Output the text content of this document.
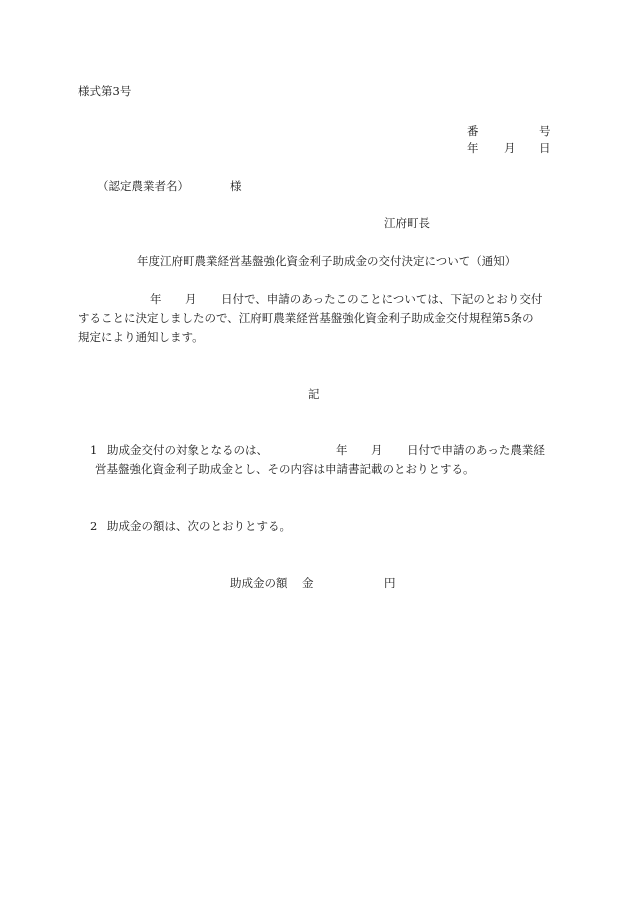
様式第3号
番	号
年 月 日
（認定農業者名）	様
江府町長
年度江府町農業経営基盤強化資金利子助成金の交付決定について（通知）
年 月 日付で、申請のあったこのことについては、下記のとおり交付
することに決定しましたので、江府町農業経営基盤強化資金利子助成金交付規程第5条の
規定により通知します。
記
1 助成金交付の対象となるのは、	年 月 日付で申請のあった農業経
営基盤強化資金利子助成金とし、その内容は申請書記載のとおりとする。
2 助成金の額は、次のとおりとする。
助成金の額 金	円
